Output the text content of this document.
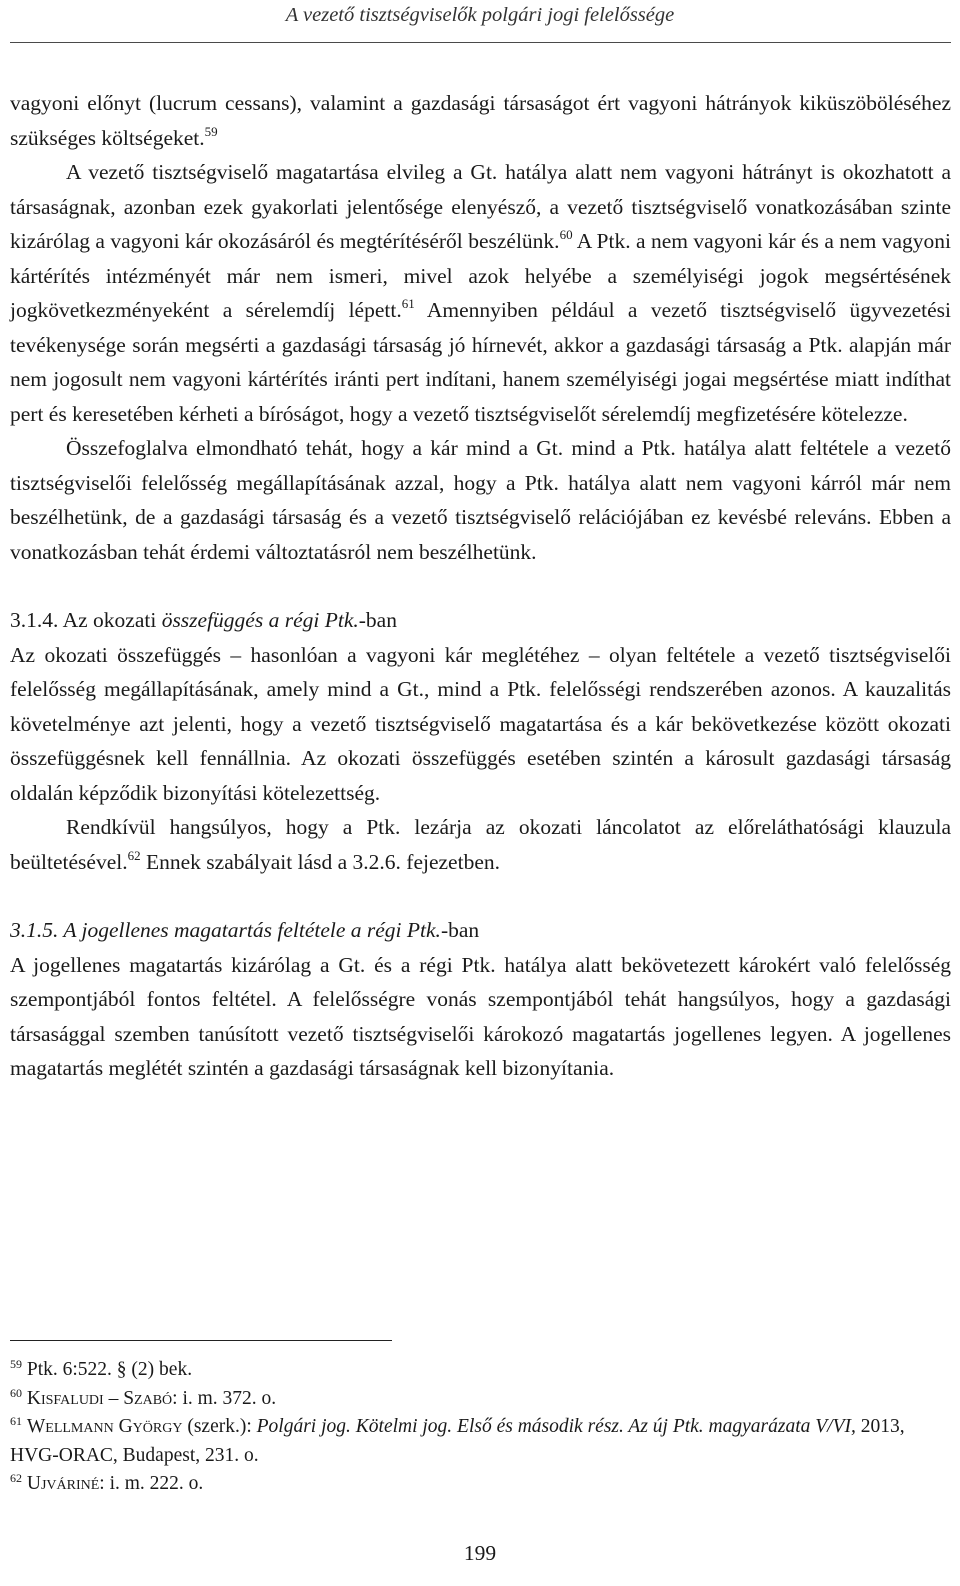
A vezető tisztségviselők polgári jogi felelőssége

vagyoni előnyt (lucrum cessans), valamint a gazdasági társaságot ért vagyoni hátrányok kiküszöböléséhez szükséges költségeket.$^{59}$

A vezető tisztségviselő magatartása elvileg a Gt. hatálya alatt nem vagyoni hátrányt is okozhatott a társaságnak, azonban ezek gyakorlati jelentősége elenyésző, a vezető tisztségviselő vonatkozásában szinte kizárólag a vagyoni kár okozásáról és megtérítéséről beszélünk.$^{60}$ A Ptk. a nem vagyoni kár és a nem vagyoni kártérítés intézményét már nem ismeri, mivel azok helyébe a személyiségi jogok megsértésének jogkövetkezményeként a sérelemdíj lépett.$^{61}$ Amennyiben például a vezető tisztségviselő ügyvezetési tevékenysége során megsérti a gazdasági társaság jó hírnevét, akkor a gazdasági társaság a Ptk. alapján már nem jogosult nem vagyoni kártérítés iránti pert indítani, hanem személyiségi jogai megsértése miatt indíthat pert és keresetében kérheti a bíróságot, hogy a vezető tisztségviselőt sérelemdíj megfizetésére kötelezze.

Összefoglalva elmondható tehát, hogy a kár mind a Gt. mind a Ptk. hatálya alatt feltétele a vezető tisztségviselői felelősség megállapításának azzal, hogy a Ptk. hatálya alatt nem vagyoni kárról már nem beszélhetünk, de a gazdasági társaság és a vezető tisztségviselő relációjában ez kevésbé releváns. Ebben a vonatkozásban tehát érdemi változtatásról nem beszélhetünk.

3.1.4. Az okozati összefüggés a régi Ptk.-ban

Az okozati összefüggés – hasonlóan a vagyoni kár meglétéhez – olyan feltétele a vezető tisztségviselői felelősség megállapításának, amely mind a Gt., mind a Ptk. felelősségi rendszerében azonos. A kauzalitás követelménye azt jelenti, hogy a vezető tisztségviselő magatartása és a kár bekövetkezése között okozati összefüggésnek kell fennállnia. Az okozati összefüggés esetében szintén a károsult gazdasági társaság oldalán képződik bizonyítási kötelezettség.

Rendkívül hangsúlyos, hogy a Ptk. lezárja az okozati láncolatot az előreláthatósági klauzula beültetésével.$^{62}$ Ennek szabályait lásd a 3.2.6. fejezetben.

3.1.5. A jogellenes magatartás feltétele a régi Ptk.-ban

A jogellenes magatartás kizárólag a Gt. és a régi Ptk. hatálya alatt bekövetezett károkért való felelősség szempontjából fontos feltétel. A felelősségre vonás szempontjából tehát hangsúlyos, hogy a gazdasági társasággal szemben tanúsított vezető tisztségviselői károkozó magatartás jogellenes legyen. A jogellenes magatartás meglétét szintén a gazdasági társaságnak kell bizonyítania.

$^{59}$ Ptk. 6:522. § (2) bek.

$^{60}$ Kisfaludi – Szabó: i. m. 372. o.

$^{61}$ Wellmann György (szerk.): Polgári jog. Kötelmi jog. Első és második rész. Az új Ptk. magyarázata V/VI, 2013, HVG-ORAC, Budapest, 231. o.

$^{62}$ Ujváriné: i. m. 222. o.

199
